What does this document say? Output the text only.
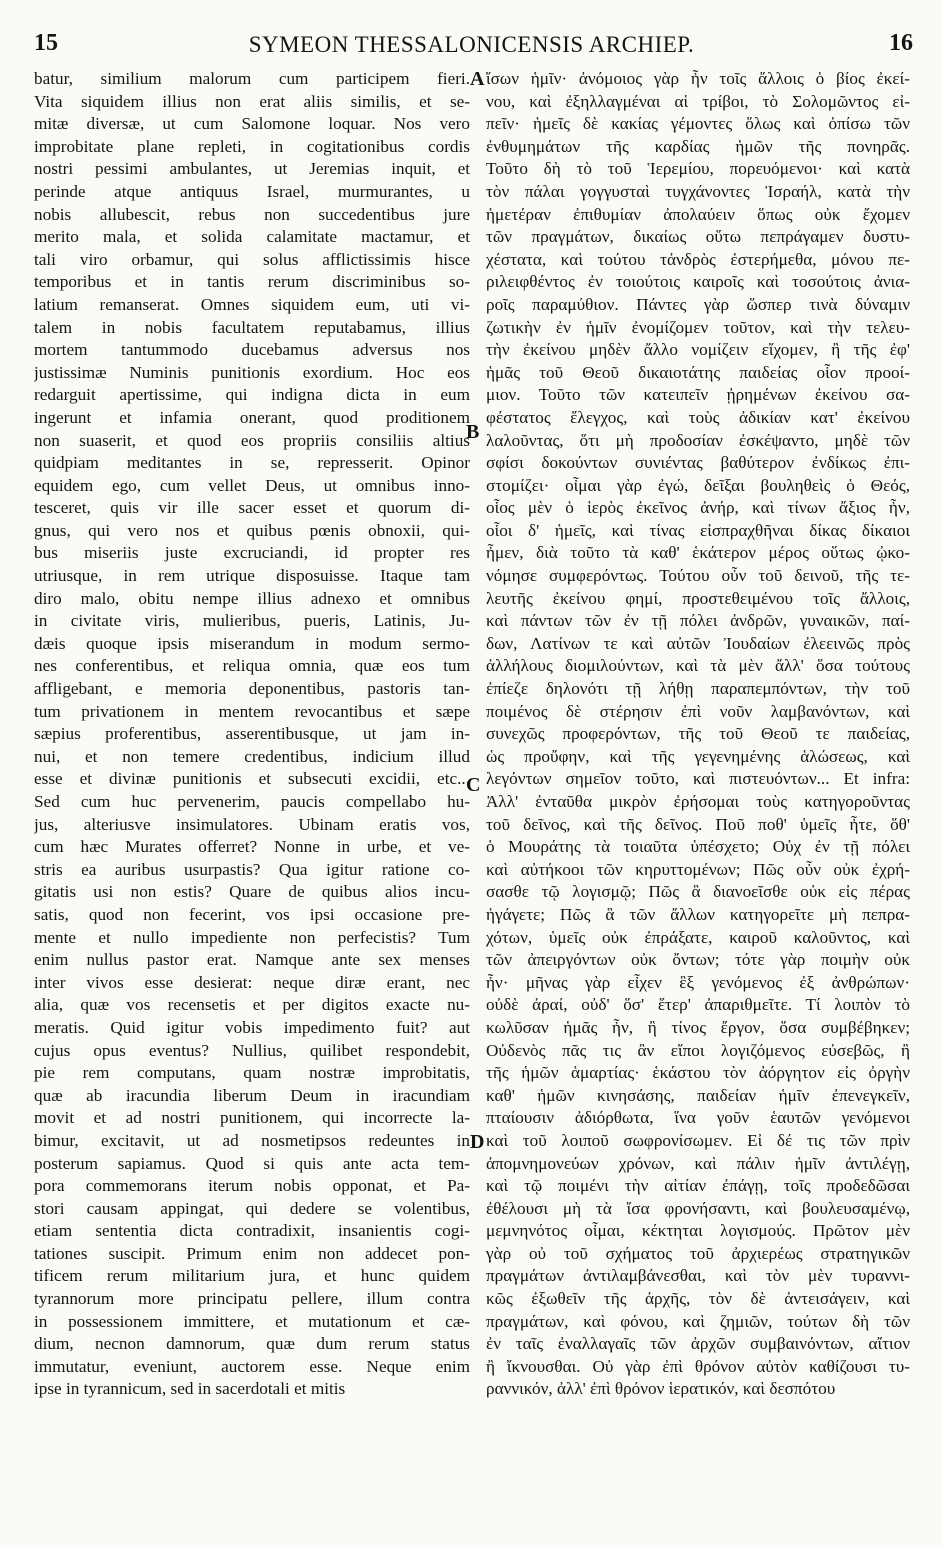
15	SYMEON THESSALONICENSIS ARCHIEP.	16
batur, similium malorum cum participem fieri.
Vita siquidem illius non erat aliis similis, et se-
mitæ diversæ, ut cum Salomone loquar. Nos vero
improbitate plane repleti, in cogitationibus cordis
nostri pessimi ambulantes, ut Jeremias inquit, et
perinde atque antiquus Israel, murmurantes, u
nobis allubescit, rebus non succedentibus jure
merito mala, et solida calamitate mactamur, et
tali viro orbamur, qui solus afflictissimis hisce
temporibus et in tantis rerum discriminibus so-
latium remanserat. Omnes siquidem eum, uti vi-
talem in nobis facultatem reputabamus, illius
mortem tantummodo ducebamus adversus nos
justissimæ Numinis punitionis exordium. Hoc eos
redarguit apertissime, qui indigna dicta in eum
ingerunt et infamia onerant, quod proditionem
non suaserit, et quod eos propriis consiliis altius
quidpiam meditantes in se, represserit. Opinor
equidem ego, cum vellet Deus, ut omnibus inno-
tesceret, quis vir ille sacer esset et quorum di-
gnus, qui vero nos et quibus pœnis obnoxii, qui-
bus miseriis juste excruciandi, id propter res
utriusque, in rem utrique disposuisse. Itaque tam
diro malo, obitu nempe illius adnexo et omnibus
in civitate viris, mulieribus, pueris, Latinis, Ju-
dæis quoque ipsis miserandum in modum sermo-
nes conferentibus, et reliqua omnia, quæ eos tum
affligebant, e memoria deponentibus, pastoris tan-
tum privationem in mentem revocantibus et sæpe
sæpius proferentibus, asserentibusque, ut jam in-
nui, et non temere credentibus, indicium illud
esse et divinæ punitionis et subsecuti excidii, etc...
Sed cum huc pervenerim, paucis compellabo hu-
jus, alteriusve insimulatores. Ubinam eratis vos,
cum hæc Murates offerret? Nonne in urbe, et ve-
stris ea auribus usurpastis? Qua igitur ratione co-
gitatis usi non estis? Quare de quibus alios incu-
satis, quod non fecerint, vos ipsi occasione pre-
mente et nullo impediente non perfecistis? Tum
enim nullus pastor erat. Namque ante sex menses
inter vivos esse desierat: neque diræ erant, nec
alia, quæ vos recensetis et per digitos exacte nu-
meratis. Quid igitur vobis impedimento fuit? aut
cujus opus eventus? Nullius, quilibet respondebit,
pie rem computans, quam nostræ improbitatis,
quæ ab iracundia liberum Deum in iracundiam
movit et ad nostri punitionem, qui incorrecte la-
bimur, excitavit, ut ad nosmetipsos redeuntes in
posterum sapiamus. Quod si quis ante acta tem-
pora commemorans iterum nobis opponat, et Pa-
stori causam appingat, qui dedere se volentibus,
etiam sententia dicta contradixit, insanientis cogi-
tationes suscipit. Primum enim non addecet pon-
tificem rerum militarium jura, et hunc quidem
tyrannorum more principatu pellere, illum contra
in possessionem immittere, et mutationum et cæ-
dium, necnon damnorum, quæ dum rerum status
immutatur, eveniunt, auctorem esse. Neque enim
ipse in tyrannicum, sed in sacerdotali et mitis
ἴσων ἡμῖν· ἀνόμοιος γὰρ ἦν τοῖς ἄλλοις ὁ βίος ἐκεί-
νου, καὶ ἐξηλλαγμέναι αἱ τρίβοι, τὸ Σολομῶντος εἰ-
πεῖν· ἡμεῖς δὲ κακίας γέμοντες ὅλως καὶ ὀπίσω τῶν
ἐνθυμημάτων τῆς καρδίας ἡμῶν τῆς πονηρᾶς.
Τοῦτο δὴ τὸ τοῦ Ἱερεμίου, πορευόμενοι· καὶ κατὰ
τὸν πάλαι γογγυσταὶ τυγχάνοντες Ἰσραήλ, κατὰ τὴν
ἡμετέραν ἐπιθυμίαν ἀπολαύειν ὅπως οὐκ ἔχομεν
τῶν πραγμάτων, δικαίως οὕτω πεπράγαμεν δυστυ-
χέστατα, καὶ τούτου τἀνδρὸς ἐστερήμεθα, μόνου πε-
ριλειφθέντος ἐν τοιούτοις καιροῖς καὶ τοσούτοις ἀνια-
ροῖς παραμύθιον. Πάντες γὰρ ὥσπερ τινὰ δύναμιν
ζωτικὴν ἐν ἡμῖν ἐνομίζομεν τοῦτον, καὶ τὴν τελευ-
τὴν ἐκείνου μηδὲν ἄλλο νομίζειν εἴχομεν, ἢ τῆς ἐφ'
ἡμᾶς τοῦ Θεοῦ δικαιοτάτης παιδείας οἷον προοί-
μιον. Τοῦτο τῶν κατειπεῖν ᾐρημένων ἐκείνου σα-
φέστατος ἔλεγχος, καὶ τοὺς ἀδικίαν κατ' ἐκείνου
λαλοῦντας, ὅτι μὴ προδοσίαν ἐσκέψαντο, μηδὲ τῶν
σφίσι δοκούντων συνιέντας βαθύτερον ἐνδίκως ἐπι-
στομίζει· οἶμαι γὰρ ἐγώ, δεῖξαι βουληθεὶς ὁ Θεός,
οἷος μὲν ὁ ἱερὸς ἐκεῖνος ἀνήρ, καὶ τίνων ἄξιος ἦν,
οἷοι δ' ἡμεῖς, καὶ τίνας εἰσπραχθῆναι δίκας δίκαιοι
ἦμεν, διὰ τοῦτο τὰ καθ' ἑκάτερον μέρος οὕτως ᾠκο-
νόμησε συμφερόντως. Τούτου οὖν τοῦ δεινοῦ, τῆς τε-
λευτῆς ἐκείνου φημί, προστεθειμένου τοῖς ἄλλοις,
καὶ πάντων τῶν ἐν τῇ πόλει ἀνδρῶν, γυναικῶν, παί-
δων, Λατίνων τε καὶ αὐτῶν Ἰουδαίων ἐλεεινῶς πρὸς
ἀλλήλους διομιλούντων, καὶ τὰ μὲν ἄλλ' ὅσα τούτους
ἐπίεζε δηλονότι τῇ λήθῃ παραπεμπόντων, τὴν τοῦ
ποιμένος δὲ στέρησιν ἐπὶ νοῦν λαμβανόντων, καὶ
συνεχῶς προφερόντων, τῆς τοῦ Θεοῦ τε παιδείας,
ὡς προὔφην, καὶ τῆς γεγενημένης ἁλώσεως, καὶ
λεγόντων σημεῖον τοῦτο, καὶ πιστευόντων... Et infra:
Ἀλλ' ἐνταῦθα μικρὸν ἐρήσομαι τοὺς κατηγοροῦντας
τοῦ δεῖνος, καὶ τῆς δεῖνος. Ποῦ ποθ' ὑμεῖς ἦτε, ὅθ'
ὁ Μουράτης τὰ τοιαῦτα ὑπέσχετο; Οὐχ ἐν τῇ πόλει
καὶ αὐτήκοοι τῶν κηρυττομένων; Πῶς οὖν οὐκ ἐχρή-
σασθε τῷ λογισμῷ; Πῶς ἃ διανοεῖσθε οὐκ εἰς πέρας
ἠγάγετε; Πῶς ἃ τῶν ἄλλων κατηγορεῖτε μὴ πεπρα-
χότων, ὑμεῖς οὐκ ἐπράξατε, καιροῦ καλοῦντος, καὶ
τῶν ἀπειργόντων οὐκ ὄντων; τότε γὰρ ποιμὴν οὐκ
ἦν· μῆνας γὰρ εἶχεν ἓξ γενόμενος ἐξ ἀνθρώπων·
οὐδὲ ἀραί, οὐδ' ὅσ' ἕτερ' ἀπαριθμεῖτε. Τί λοιπὸν τὸ
κωλῦσαν ἡμᾶς ἦν, ἢ τίνος ἔργον, ὅσα συμβέβηκεν;
Οὐδενὸς πᾶς τις ἂν εἴποι λογιζόμενος εὐσεβῶς, ἢ
τῆς ἡμῶν ἁμαρτίας· ἑκάστου τὸν ἀόργητον εἰς ὀργὴν
καθ' ἡμῶν κινησάσης, παιδείαν ἡμῖν ἐπενεγκεῖν,
πταίουσιν ἀδιόρθωτα, ἵνα γοῦν ἑαυτῶν γενόμενοι
καὶ τοῦ λοιποῦ σωφρονίσωμεν. Εἰ δέ τις τῶν πρὶν
ἀπομνημονεύων χρόνων, καὶ πάλιν ἡμῖν ἀντιλέγῃ,
καὶ τῷ ποιμένι τὴν αἰτίαν ἐπάγῃ, τοῖς προδεδῶσαι
ἐθέλουσι μὴ τὰ ἴσα φρονήσαντι, καὶ βουλευσαμένῳ,
μεμνηνότος οἶμαι, κέκτηται λογισμούς. Πρῶτον μὲν
γὰρ οὐ τοῦ σχήματος τοῦ ἀρχιερέως στρατηγικῶν
πραγμάτων ἀντιλαμβάνεσθαι, καὶ τὸν μὲν τυραννι-
κῶς ἐξωθεῖν τῆς ἀρχῆς, τὸν δὲ ἀντεισάγειν, καὶ
πραγμάτων, καὶ φόνου, καὶ ζημιῶν, τούτων δὴ τῶν
ἐν ταῖς ἐναλλαγαῖς τῶν ἀρχῶν συμβαινόντων, αἴτιον
ἢ ἴκνουσθαι. Οὐ γὰρ ἐπὶ θρόνον αὐτὸν καθίζουσι τυ-
ραννικόν, ἀλλ' ἐπὶ θρόνον ἱερατικόν, καὶ δεσπότου
A
B
C
D
